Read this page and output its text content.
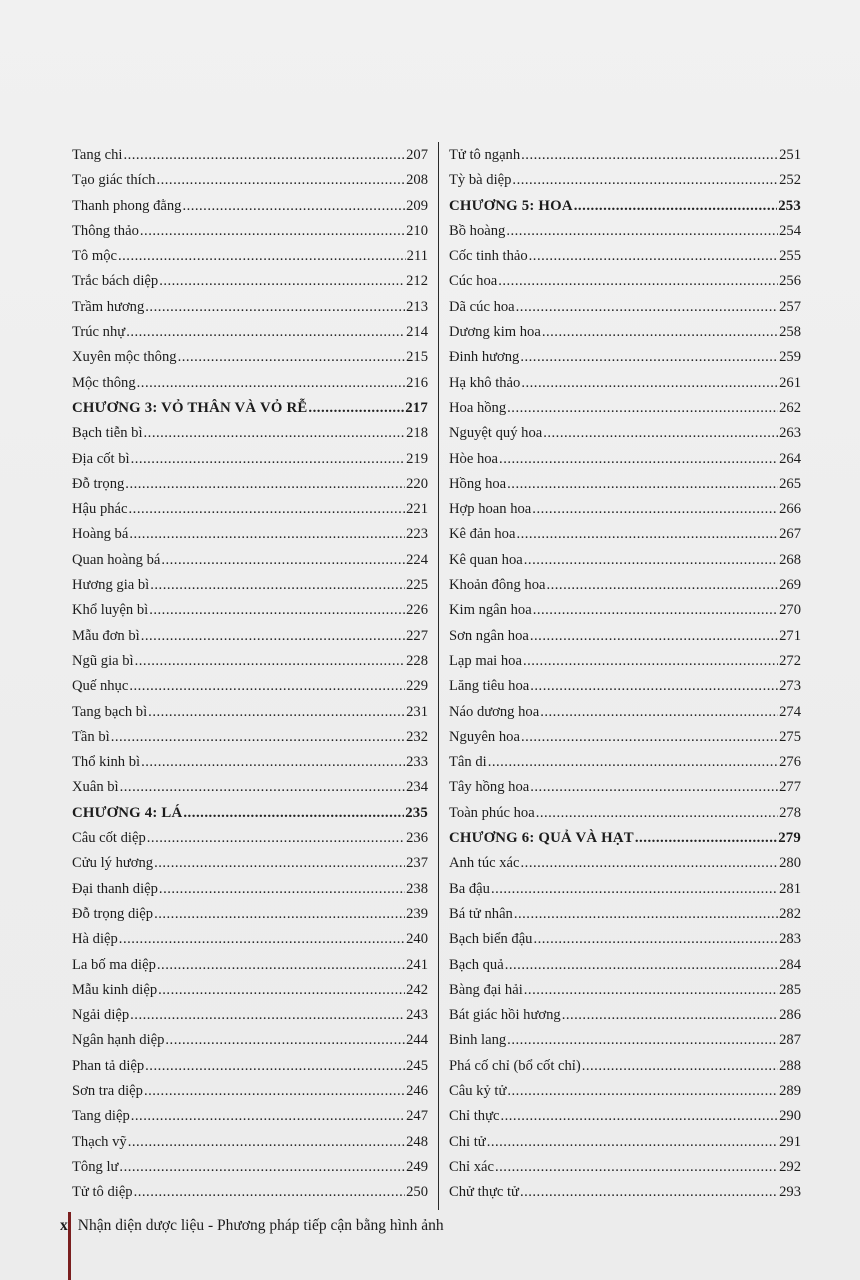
Tang chi .....	207
Tạo giác thích .....	208
Thanh phong đằng .....	209
Thông thảo .....	210
Tô mộc .....	211
Trắc bách diệp .....	212
Trầm hương .....	213
Trúc nhự .....	214
Xuyên mộc thông .....	215
Mộc thông .....	216
CHƯƠNG 3: VỎ THÂN VÀ VỎ RỄ .....	217
Bạch tiễn bì .....	218
Địa cốt bì .....	219
Đỗ trọng .....	220
Hậu phác .....	221
Hoàng bá .....	223
Quan hoàng bá .....	224
Hương gia bì .....	225
Khổ luyện bì .....	226
Mẫu đơn bì .....	227
Ngũ gia bì .....	228
Quế nhục .....	229
Tang bạch bì .....	231
Tần bì .....	232
Thổ kinh bì .....	233
Xuân bì .....	234
CHƯƠNG 4: LÁ .....	235
Câu cốt diệp .....	236
Cửu lý hương .....	237
Đại thanh diệp .....	238
Đỗ trọng diệp .....	239
Hà diệp .....	240
La bố ma diệp .....	241
Mẫu kinh diệp .....	242
Ngải diệp .....	243
Ngân hạnh diệp .....	244
Phan tả diệp .....	245
Sơn tra diệp .....	246
Tang diệp .....	247
Thạch vỹ .....	248
Tông lư .....	249
Tử tô diệp .....	250
Tử tô ngạnh .....	251
Tỳ bà diệp .....	252
CHƯƠNG 5: HOA .....	253
Bồ hoàng .....	254
Cốc tinh thảo .....	255
Cúc hoa .....	256
Dã cúc hoa .....	257
Dương kim hoa .....	258
Đinh hương .....	259
Hạ khô thảo .....	261
Hoa hồng .....	262
Nguyệt quý hoa .....	263
Hòe hoa .....	264
Hồng hoa .....	265
Hợp hoan hoa .....	266
Kê đản hoa .....	267
Kê quan hoa .....	268
Khoản đông hoa .....	269
Kim ngân hoa .....	270
Sơn ngân hoa .....	271
Lạp mai hoa .....	272
Lăng tiêu hoa .....	273
Náo dương hoa .....	274
Nguyên hoa .....	275
Tân di .....	276
Tây hồng hoa .....	277
Toàn phúc hoa .....	278
CHƯƠNG 6: QUẢ VÀ HẠT .....	279
Anh túc xác .....	280
Ba đậu .....	281
Bá tử nhân .....	282
Bạch biển đậu .....	283
Bạch quả .....	284
Bàng đại hải .....	285
Bát giác hồi hương .....	286
Binh lang .....	287
Phá cố chỉ (bổ cốt chỉ) .....	288
Câu kỷ tử .....	289
Chỉ thực .....	290
Chi tử .....	291
Chỉ xác .....	292
Chử thực tử .....	293
x Nhận diện dược liệu - Phương pháp tiếp cận bằng hình ảnh
